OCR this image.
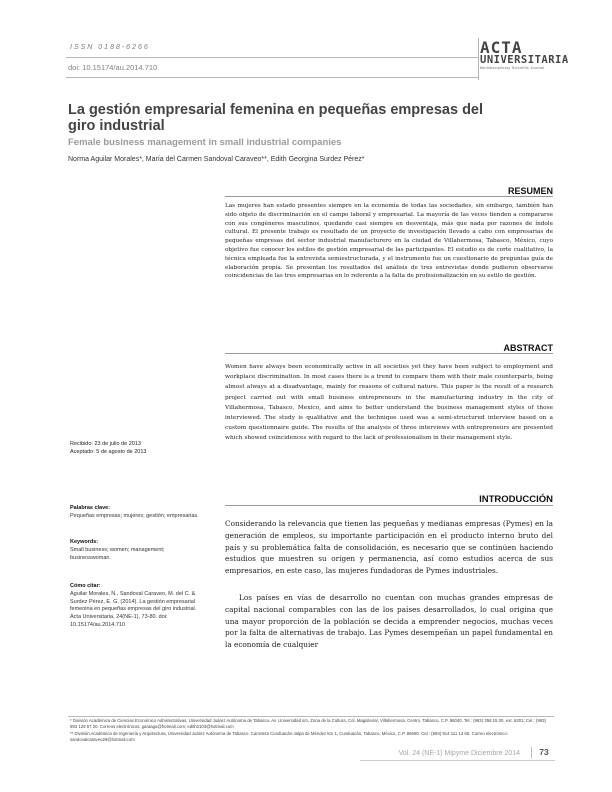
ISSN 0188-6266
doi: 10.15174/au.2014.710
ACTA
UNIVERSITARIA
Multidisciplinary Scientific Journal
La gestión empresarial femenina en pequeñas empresas del giro industrial
Female business management in small industrial companies
Norma Aguilar Morales*, María del Carmen Sandoval Caraveo**, Edith Georgina Surdez Pérez*
RESUMEN
Las mujeres han estado presentes siempre en la economía de todas las sociedades, sin embargo, también han sido objeto de discriminación en el campo laboral y empresarial. La mayoría de las veces tienden a compararse con sus congéneres masculinos, quedando casi siempre en desventaja, más que nada por razones de índole cultural. El presente trabajo es resultado de un proyecto de investigación llevado a cabo con empresarias de pequeñas empresas del sector industrial manufacturero en la ciudad de Villahermosa, Tabasco, México, cuyo objetivo fue conocer los estilos de gestión empresarial de las participantes. El estudio es de corte cualitativo, la técnica empleada fue la entrevista semiestructurada, y el instrumento fue un cuestionario de preguntas guía de elaboración propia. Se presentan los resultados del análisis de tres entrevistas donde pudieron observarse coincidencias de las tres empresarias en lo referente a la falta de profesionalización en su estilo de gestión.
ABSTRACT
Women have always been economically active in all societies yet they have been subject to employment and workplace discrimination. In most cases there is a trend to compare them with their male counterparts, being almost always at a disadvantage, mainly for reasons of cultural nature. This paper is the result of a research project carried out with small business entrepreneurs in the manufacturing industry in the city of Villahermosa, Tabasco, Mexico, and aims to better understand the business management styles of those interviewed. The study is qualitative and the technique used was a semi-structured interview based on a custom questionnaire guide. The results of the analysis of three interviews with entrepreneurs are presented which showed coincidences with regard to the lack of professionalism in their management style.
Recibido: 23 de julio de 2013
Aceptado: 5 de agosto de 2013
Palabras clave:
Pequeñas empresas; mujeres; gestión; empresarias.
Keywords:
Small business; women; management; businesswoman.
Cómo citar:
Aguilar Morales, N., Sandoval Caraveo, M. del C. & Surdez Pérez, E. G. (2014). La gestión empresarial femenina en pequeñas empresas del giro industrial. Acta Universitaria, 24(NE-1), 73-80. doi: 10.15174/au.2014.710
INTRODUCCIÓN
Considerando la relevancia que tienen las pequeñas y medianas empresas (Pymes) en la generación de empleos, su importante participación en el producto interno bruto del país y su problemática falta de consolidación, es necesario que se continúen haciendo estudios que muestren su origen y permanencia, así como estudios acerca de sus empresarios, en este caso, las mujeres fundadoras de Pymes industriales.
Los países en vías de desarrollo no cuentan con muchas grandes empresas de capital nacional comparables con las de los países desarrollados, lo cual origina que una mayor proporción de la población se decida a emprender negocios, muchas veces por la falta de alternativas de trabajo. Las Pymes desempeñan un papel fundamental en la economía de cualquier

* División Académica de Ciencias Económico Administrativas, Universidad Juárez Autónoma de Tabasco. Av. Universidad s/n, Zona de la Cultura, Col. Magisterial, Villahermosa, Centro, Tabasco, C.P. 86040. Tel.: (993) 358 15 00, ext. 6201; Cel.: (993) 993 129 57 20. Correos electrónicos: garaagu@hotmail.com; edith2103@hotmail.com

** División Académica de Ingeniería y Arquitectura, Universidad Juárez Autónoma de Tabasco. Carretera Cunduacán-Jalpa de Méndez km 1, Cunduacán, Tabasco, México, C.P. 86690. Cel.: (993) 914 111 13 65. Correo electrónico: sandovalcaraveo29@hotmail.com

Vol. 24 (NE-1) Mipyme Diciembre 2014	73
